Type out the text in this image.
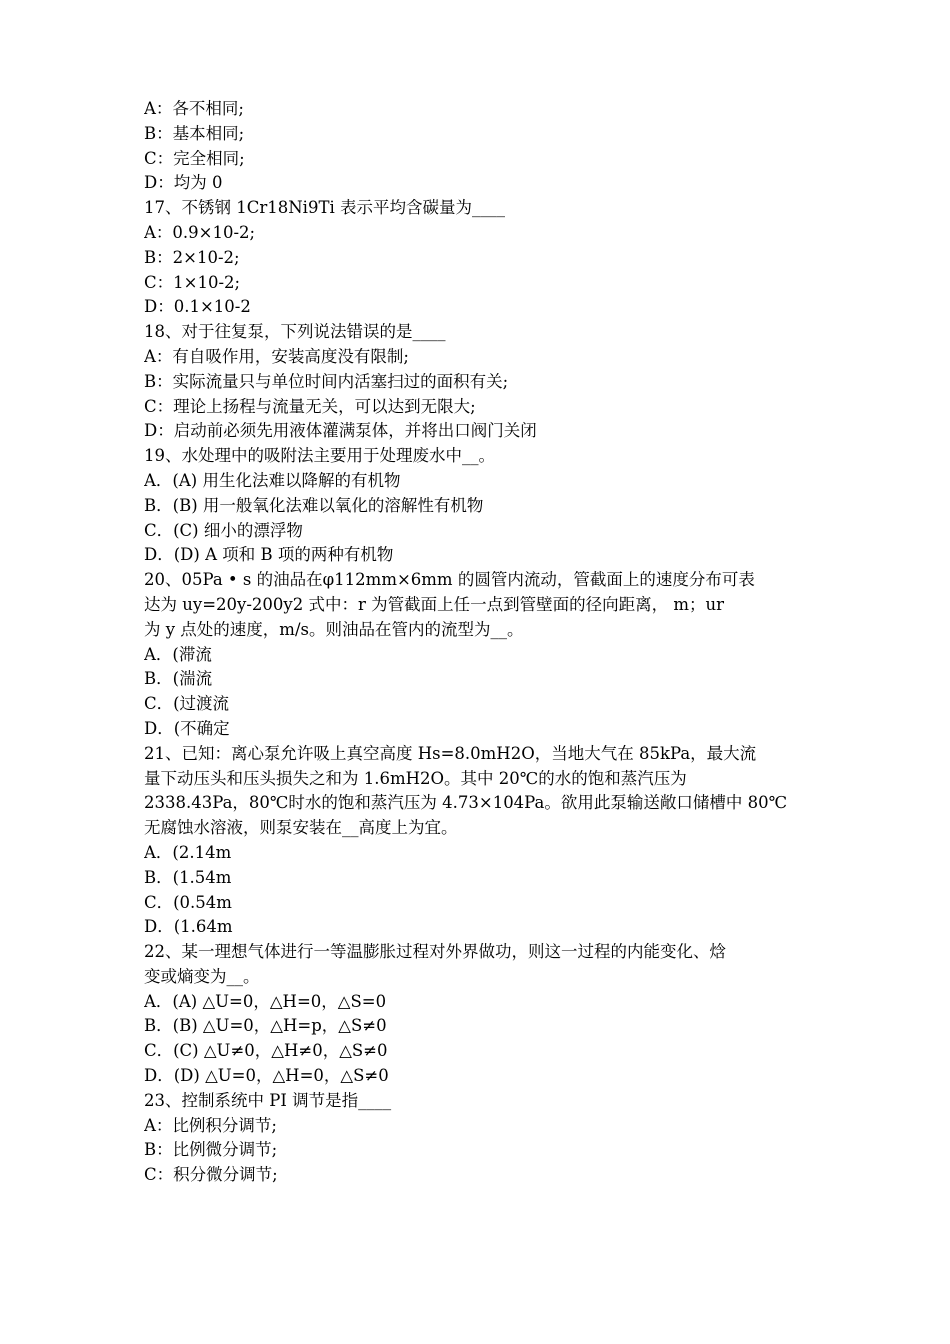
A：各不相同;
B：基本相同;
C：完全相同;
D：均为 0
17、不锈钢 1Cr18Ni9Ti 表示平均含碳量为____
A：0.9×10-2;
B：2×10-2;
C：1×10-2;
D：0.1×10-2
18、对于往复泵，下列说法错误的是____
A：有自吸作用，安装高度没有限制;
B：实际流量只与单位时间内活塞扫过的面积有关;
C：理论上扬程与流量无关，可以达到无限大;
D：启动前必须先用液体灌满泵体，并将出口阀门关闭
19、水处理中的吸附法主要用于处理废水中__。
A．(A) 用生化法难以降解的有机物
B．(B) 用一般氧化法难以氧化的溶解性有机物
C．(C) 细小的漂浮物
D．(D) A 项和 B 项的两种有机物
20、05Pa • s 的油品在φ112mm×6mm 的圆管内流动，管截面上的速度分布可表
达为 uy=20y-200y2 式中：r 为管截面上任一点到管壁面的径向距离， m；ur
为 y 点处的速度，m/s。则油品在管内的流型为__。
A．(滞流
B．(湍流
C．(过渡流
D．(不确定
21、已知：离心泵允许吸上真空高度 Hs=8.0mH2O，当地大气在 85kPa，最大流
量下动压头和压头损失之和为 1.6mH2O。其中 20℃的水的饱和蒸汽压为
2338.43Pa，80℃时水的饱和蒸汽压为 4.73×104Pa。欲用此泵输送敞口储槽中 80℃
无腐蚀水溶液，则泵安装在__高度上为宜。
A．(2.14m
B．(1.54m
C．(0.54m
D．(1.64m
22、某一理想气体进行一等温膨胀过程对外界做功，则这一过程的内能变化、焓
变或熵变为__。
A．(A) △U=0，△H=0，△S=0
B．(B) △U=0，△H=p，△S≠0
C．(C) △U≠0，△H≠0，△S≠0
D．(D) △U=0，△H=0，△S≠0
23、控制系统中 PI 调节是指____
A：比例积分调节;
B：比例微分调节;
C：积分微分调节;
